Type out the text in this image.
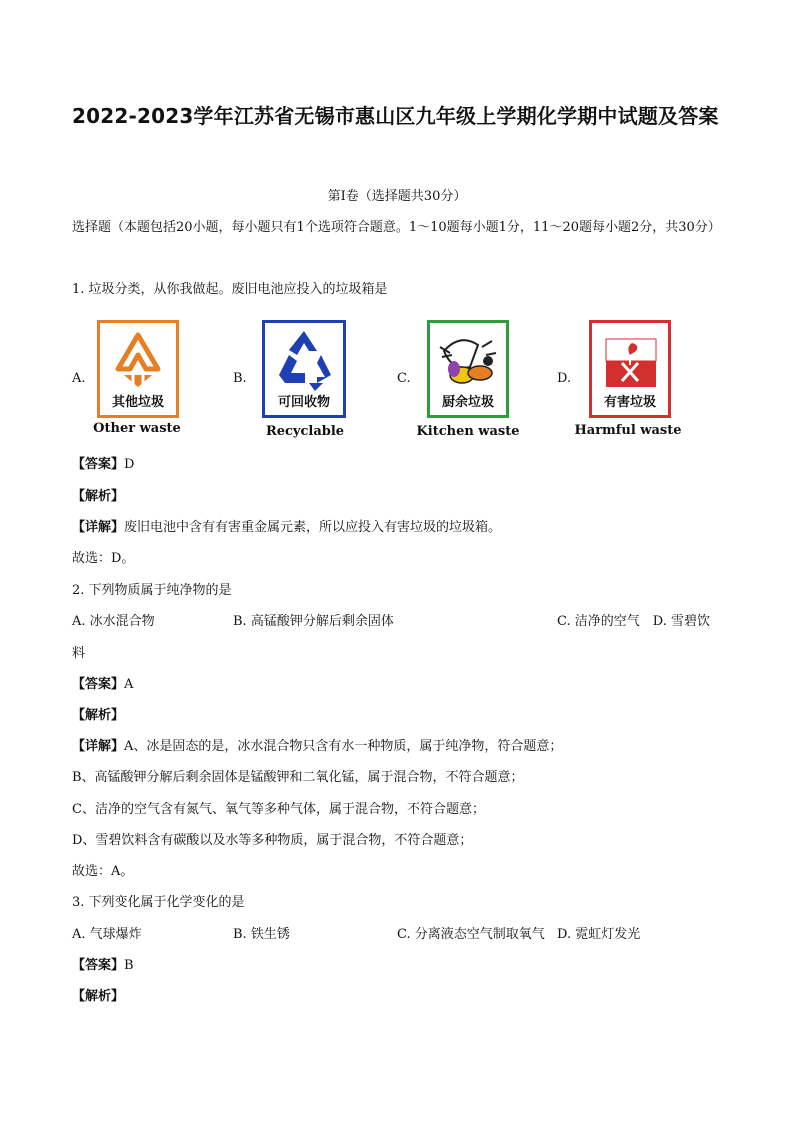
2022-2023学年江苏省无锡市惠山区九年级上学期化学期中试题及答案
第Ⅰ卷（选择题共30分）
选择题（本题包括20小题，每小题只有1个选项符合题意。1～10题每小题1分，11～20题每小题2分，共30分）
1. 垃圾分类，从你我做起。废旧电池应投入的垃圾箱是
A.
其他垃圾
Other waste
B.
可回收物
Recyclable
C.
厨余垃圾
Kitchen waste
D.
有害垃圾
Harmful waste
【答案】D
【解析】
【详解】废旧电池中含有有害重金属元素，所以应投入有害垃圾的垃圾箱。
故选：D。
2. 下列物质属于纯净物的是
A. 冰水混合物	B. 高锰酸钾分解后剩余固体	C. 洁净的空气　D. 雪碧饮
料
【答案】A
【解析】
【详解】A、冰是固态的是，冰水混合物只含有水一种物质，属于纯净物，符合题意；
B、高锰酸钾分解后剩余固体是锰酸钾和二氧化锰，属于混合物，不符合题意；
C、洁净的空气含有氮气、氧气等多种气体，属于混合物，不符合题意；
D、雪碧饮料含有碳酸以及水等多种物质，属于混合物，不符合题意；
故选：A。
3. 下列变化属于化学变化的是
A. 气球爆炸	B. 铁生锈	C. 分离液态空气制取氧气 D. 霓虹灯发光
【答案】B
【解析】
